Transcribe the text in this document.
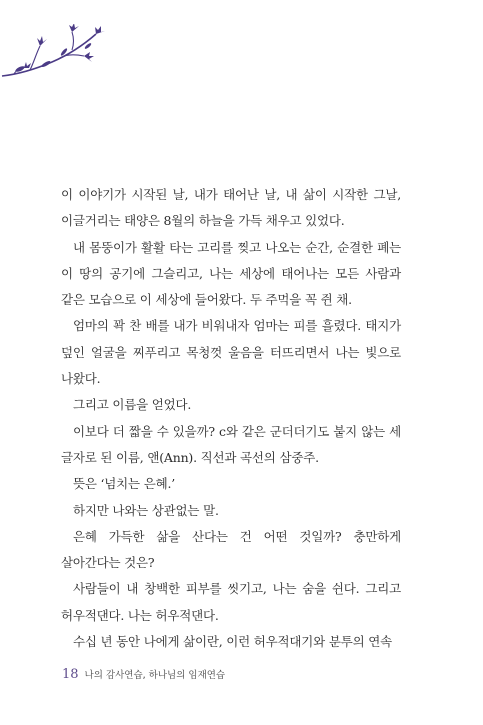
이 이야기가 시작된 날, 내가 태어난 날, 내 삶이 시작한 그날, 이글거리는 태양은 8월의 하늘을 가득 채우고 있었다.

내 몸뚱이가 활활 타는 고리를 찢고 나오는 순간, 순결한 폐는 이 땅의 공기에 그슬리고, 나는 세상에 태어나는 모든 사람과 같은 모습으로 이 세상에 들어왔다. 두 주먹을 꼭 쥔 채.

엄마의 꽉 찬 배를 내가 비워내자 엄마는 피를 흘렸다. 태지가 덮인 얼굴을 찌푸리고 목청껏 울음을 터뜨리면서 나는 빛으로 나왔다.

그리고 이름을 얻었다.

이보다 더 짧을 수 있을까? c와 같은 군더더기도 붙지 않는 세 글자로 된 이름, 앤(Ann). 직선과 곡선의 삼중주.

뜻은 ‘넘치는 은혜.’

하지만 나와는 상관없는 말.

은혜 가득한 삶을 산다는 건 어떤 것일까? 충만하게 살아간다는 것은?

사람들이 내 창백한 피부를 씻기고, 나는 숨을 쉰다. 그리고 허우적댄다. 나는 허우적댄다.

수십 년 동안 나에게 삶이란, 이런 허우적대기와 분투의 연속

18 나의 감사연습, 하나님의 임재연습
